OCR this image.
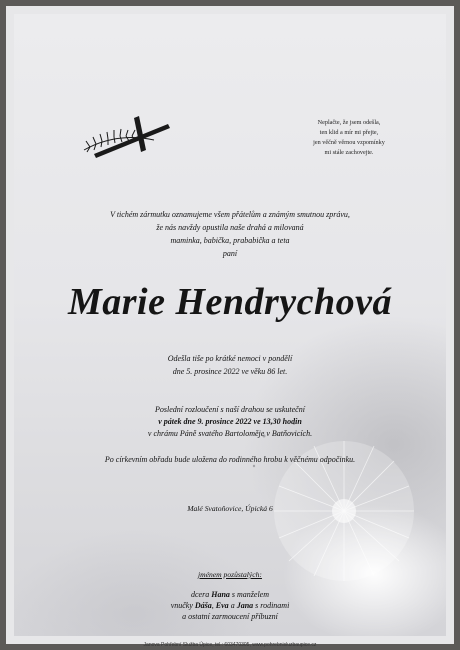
Neplačte, že jsem odešla,

ten klid a mír mi přejte,

jen věčně věrnou vzpomínky

mi stále zachovejte.

V tichém zármutku oznamujeme všem přátelům a známým smutnou zprávu,

že nás navždy opustila naše drahá a milovaná

maminka, babička, prababička a teta

paní

Marie Hendrychová

Odešla tiše po krátké nemoci v pondělí

dne 5. prosince 2022 ve věku 86 let.

Poslední rozloučení s naší drahou se uskuteční

v pátek dne 9. prosince 2022 ve 13,30 hodin

v chrámu Páně svatého Bartoloměje v Batňovicích.

Po církevním obřadu bude uložena do rodinného hrobu k věčnému odpočinku.
Malé Svatoňovice, Úpická 6
jménem pozůstalých:

dcera Hana s manželem

vnučky Dáša, Eva a Jana s rodinami

a ostatní zarmoucení příbuzní

Janova Pohřební Služba Úpice, tel.: 603470305, www.pohrebnisluzbaupice.cz
